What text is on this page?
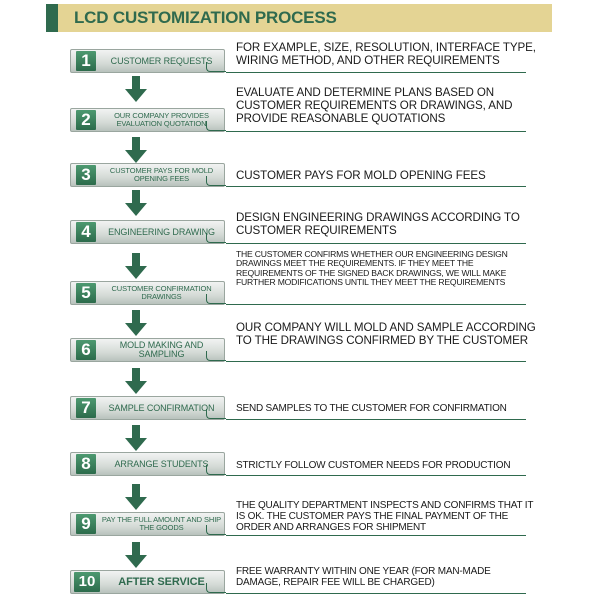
LCD CUSTOMIZATION PROCESS
1	CUSTOMER REQUESTS
FOR EXAMPLE, SIZE, RESOLUTION, INTERFACE TYPE, WIRING METHOD, AND OTHER REQUIREMENTS
2	OUR COMPANY PROVIDES EVALUATION QUOTATION
EVALUATE AND DETERMINE PLANS BASED ON CUSTOMER REQUIREMENTS OR DRAWINGS, AND PROVIDE REASONABLE QUOTATIONS
3	CUSTOMER PAYS FOR MOLD OPENING FEES	CUSTOMER PAYS FOR MOLD OPENING FEES
4	ENGINEERING DRAWING
DESIGN ENGINEERING DRAWINGS ACCORDING TO CUSTOMER REQUIREMENTS
5	CUSTOMER CONFIRMATION DRAWINGS
THE CUSTOMER CONFIRMS WHETHER OUR ENGINEERING DESIGN DRAWINGS MEET THE REQUIREMENTS. IF THEY MEET THE REQUIREMENTS OF THE SIGNED BACK DRAWINGS, WE WILL MAKE FURTHER MODIFICATIONS UNTIL THEY MEET THE REQUIREMENTS
6	MOLD MAKING AND SAMPLING
OUR COMPANY WILL MOLD AND SAMPLE ACCORDING TO THE DRAWINGS CONFIRMED BY THE CUSTOMER
7	SAMPLE CONFIRMATION	SEND SAMPLES TO THE CUSTOMER FOR CONFIRMATION
8	ARRANGE STUDENTS	STRICTLY FOLLOW CUSTOMER NEEDS FOR PRODUCTION
9	PAY THE FULL AMOUNT AND SHIP THE GOODS
THE QUALITY DEPARTMENT INSPECTS AND CONFIRMS THAT IT IS OK. THE CUSTOMER PAYS THE FINAL PAYMENT OF THE ORDER AND ARRANGES FOR SHIPMENT
10	AFTER SERVICE
FREE WARRANTY WITHIN ONE YEAR (FOR MAN-MADE DAMAGE, REPAIR FEE WILL BE CHARGED)
